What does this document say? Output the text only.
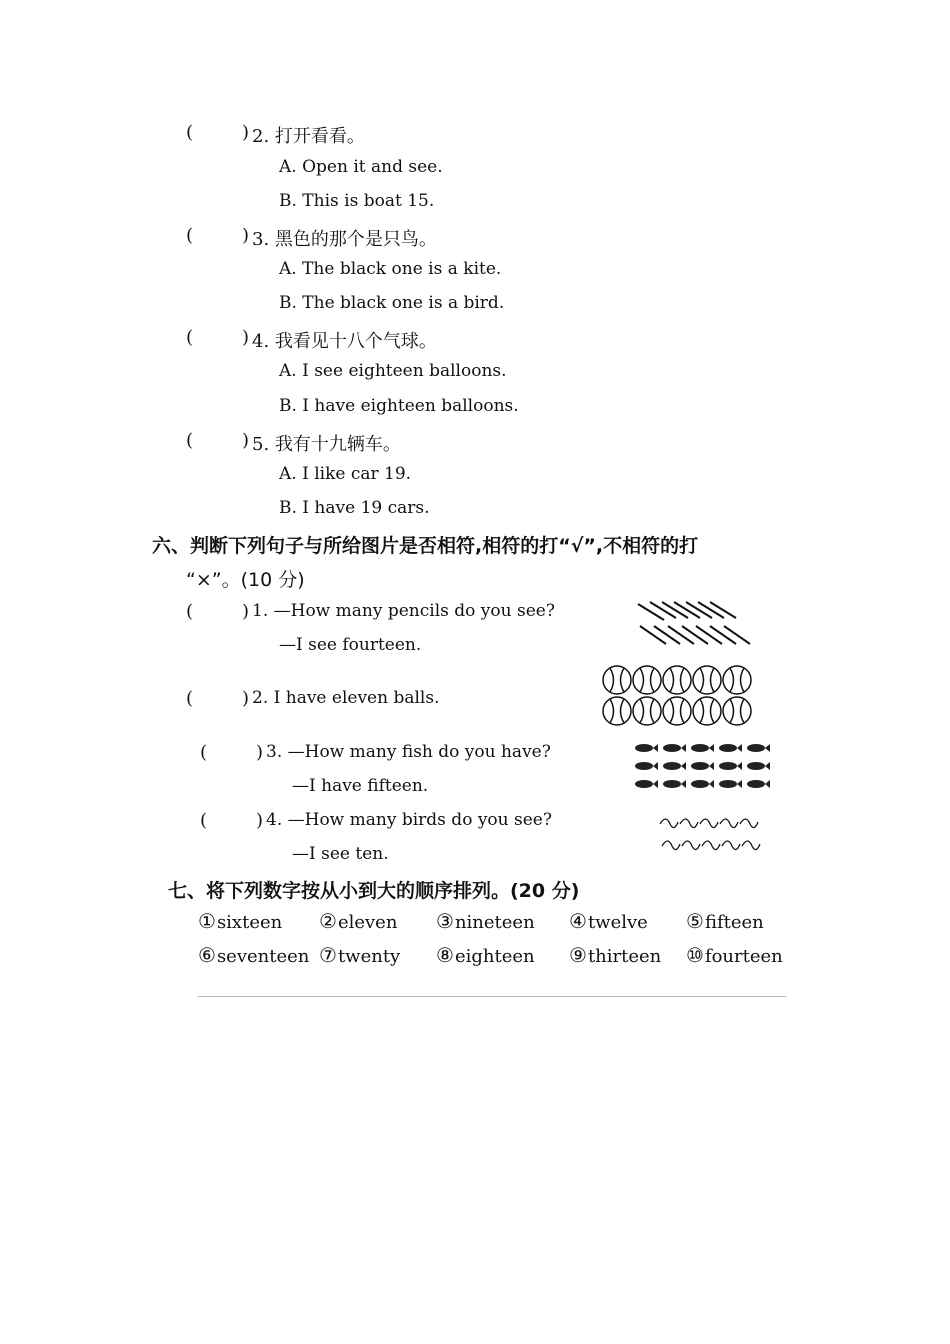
(	) 2. 打开看看。
A. Open it and see.
B. This is boat 15.
(	) 3. 黑色的那个是只鸟。
A. The black one is a kite.
B. The black one is a bird.
(	) 4. 我看见十八个气球。
A. I see eighteen balloons.
B. I have eighteen balloons.
(	) 5. 我有十九辆车。
A. I like car 19.
B. I have 19 cars.
六、判断下列句子与所给图片是否相符,相符的打“√”,不相符的打
“×”。(10 分)
(	) 1. —How many pencils do you see?
—I see fourteen.
(	) 2. I have eleven balls.
(	) 3. —How many fish do you have?
—I have fifteen.
(	) 4. —How many birds do you see?
—I see ten.
七、将下列数字按从小到大的顺序排列。(20 分)
①sixteen ②eleven ③nineteen ④twelve ⑤fifteen
⑥seventeen ⑦twenty ⑧eighteen ⑨thirteen ⑩fourteen
